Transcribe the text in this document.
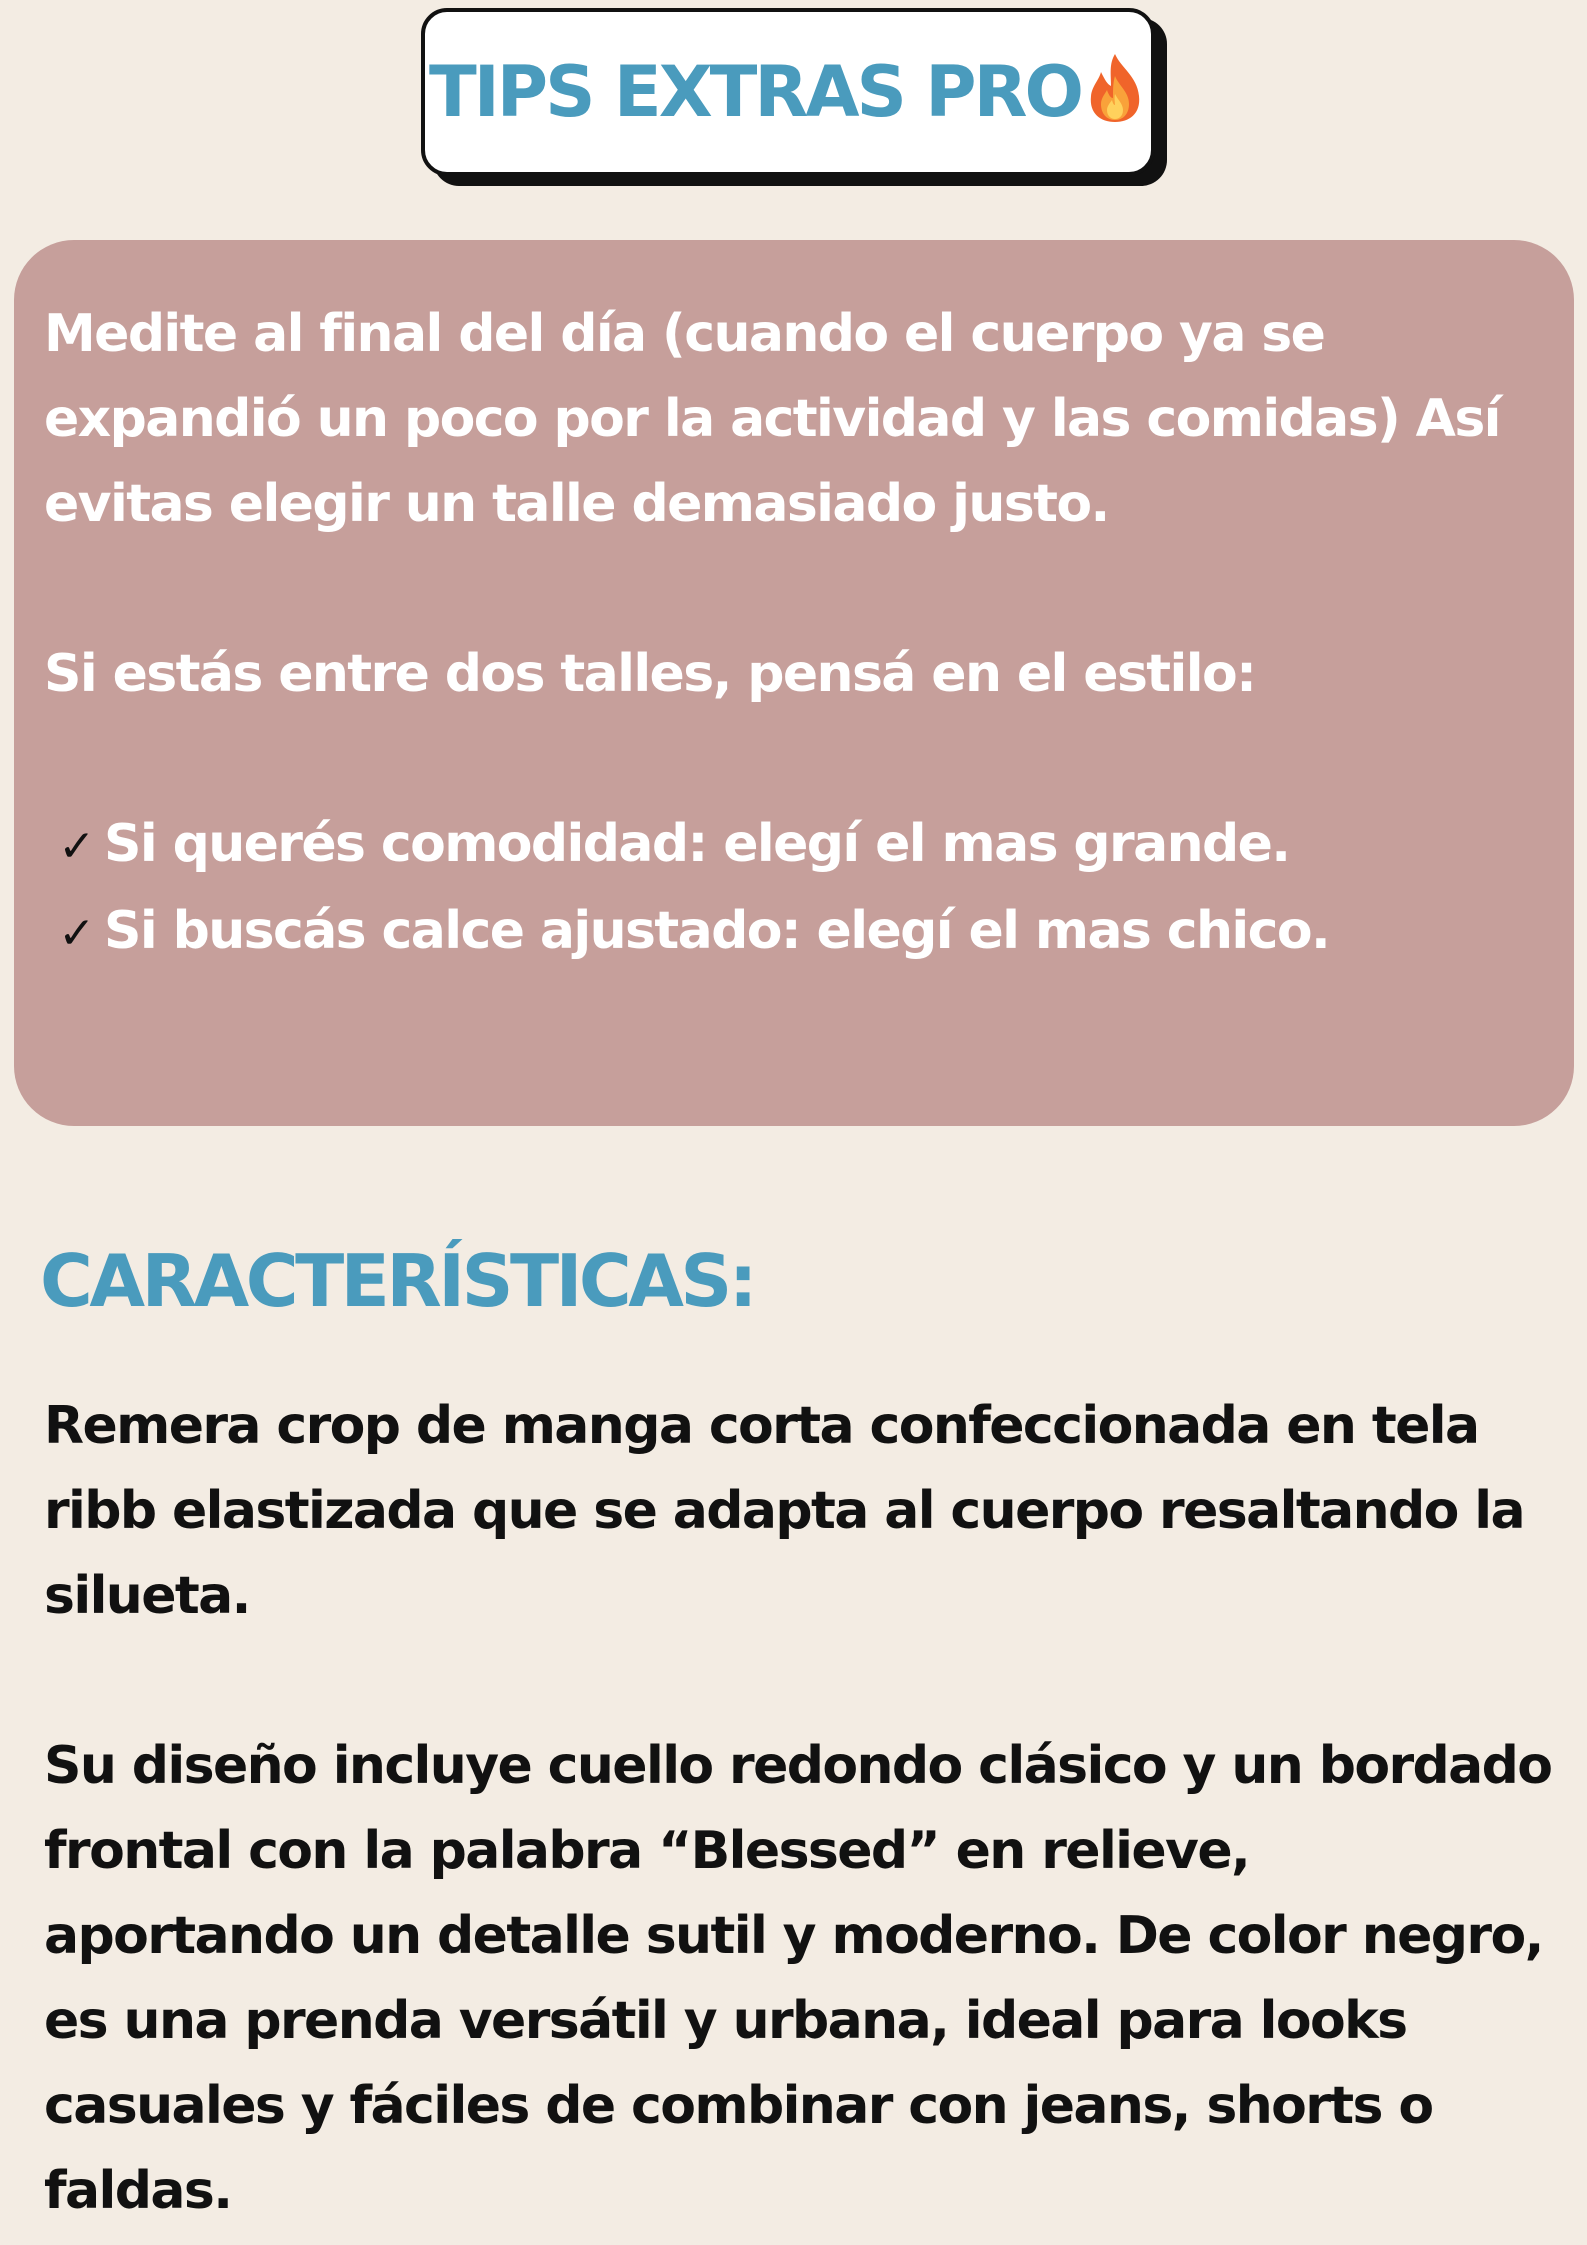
TIPS EXTRAS PRO

Medite al final del día (cuando el cuerpo ya se expandió un poco por la actividad y las comidas) Así evitas elegir un talle demasiado justo.

Si estás entre dos talles, pensá en el estilo:

✓ Si querés comodidad: elegí el mas grande.
✓ Si buscás calce ajustado: elegí el mas chico.
CARACTERÍSTICAS:

Remera crop de manga corta confeccionada en tela ribb elastizada que se adapta al cuerpo resaltando la silueta.

Su diseño incluye cuello redondo clásico y un bordado frontal con la palabra “Blessed” en relieve, aportando un detalle sutil y moderno. De color negro, es una prenda versátil y urbana, ideal para looks casuales y fáciles de combinar con jeans, shorts o faldas.
